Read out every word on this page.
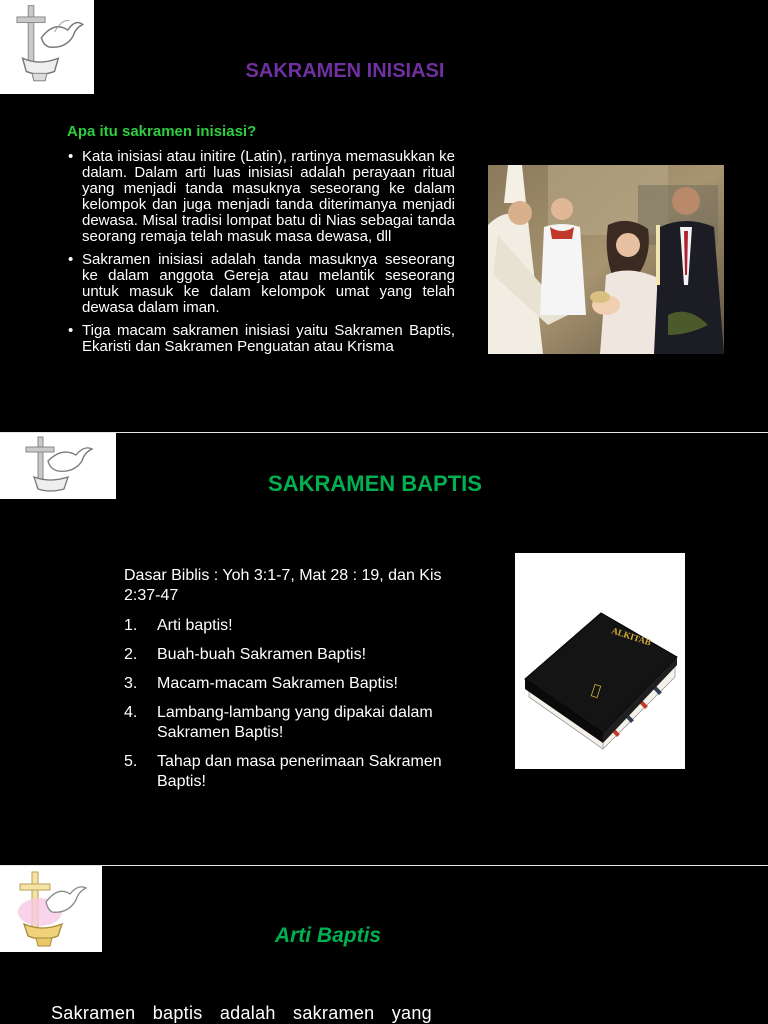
SAKRAMEN INISIASI
Apa itu sakramen inisiasi?
• Kata inisiasi atau initire (Latin), rartinya memasukkan ke dalam. Dalam arti luas inisiasi adalah perayaan ritual yang menjadi tanda masuknya seseorang ke dalam kelompok dan juga menjadi tanda diterimanya menjadi dewasa. Misal tradisi lompat batu di Nias sebagai tanda seorang remaja telah masuk masa dewasa, dll
• Sakramen inisiasi adalah tanda masuknya seseorang ke dalam anggota Gereja atau melantik seseorang untuk masuk ke dalam kelompok umat yang telah dewasa dalam iman.
• Tiga macam sakramen inisiasi yaitu Sakramen Baptis, Ekaristi dan Sakramen Penguatan atau Krisma
SAKRAMEN BAPTIS
Dasar Biblis : Yoh 3:1-7, Mat 28 : 19, dan Kis 2:37-47
1. Arti baptis!
2. Buah-buah Sakramen Baptis!
3. Macam-macam Sakramen Baptis!
4. Lambang-lambang yang dipakai dalam Sakramen Baptis!
5. Tahap dan masa penerimaan Sakramen Baptis!
ALKITAB
Arti Baptis
Sakramen baptis adalah sakramen yang
